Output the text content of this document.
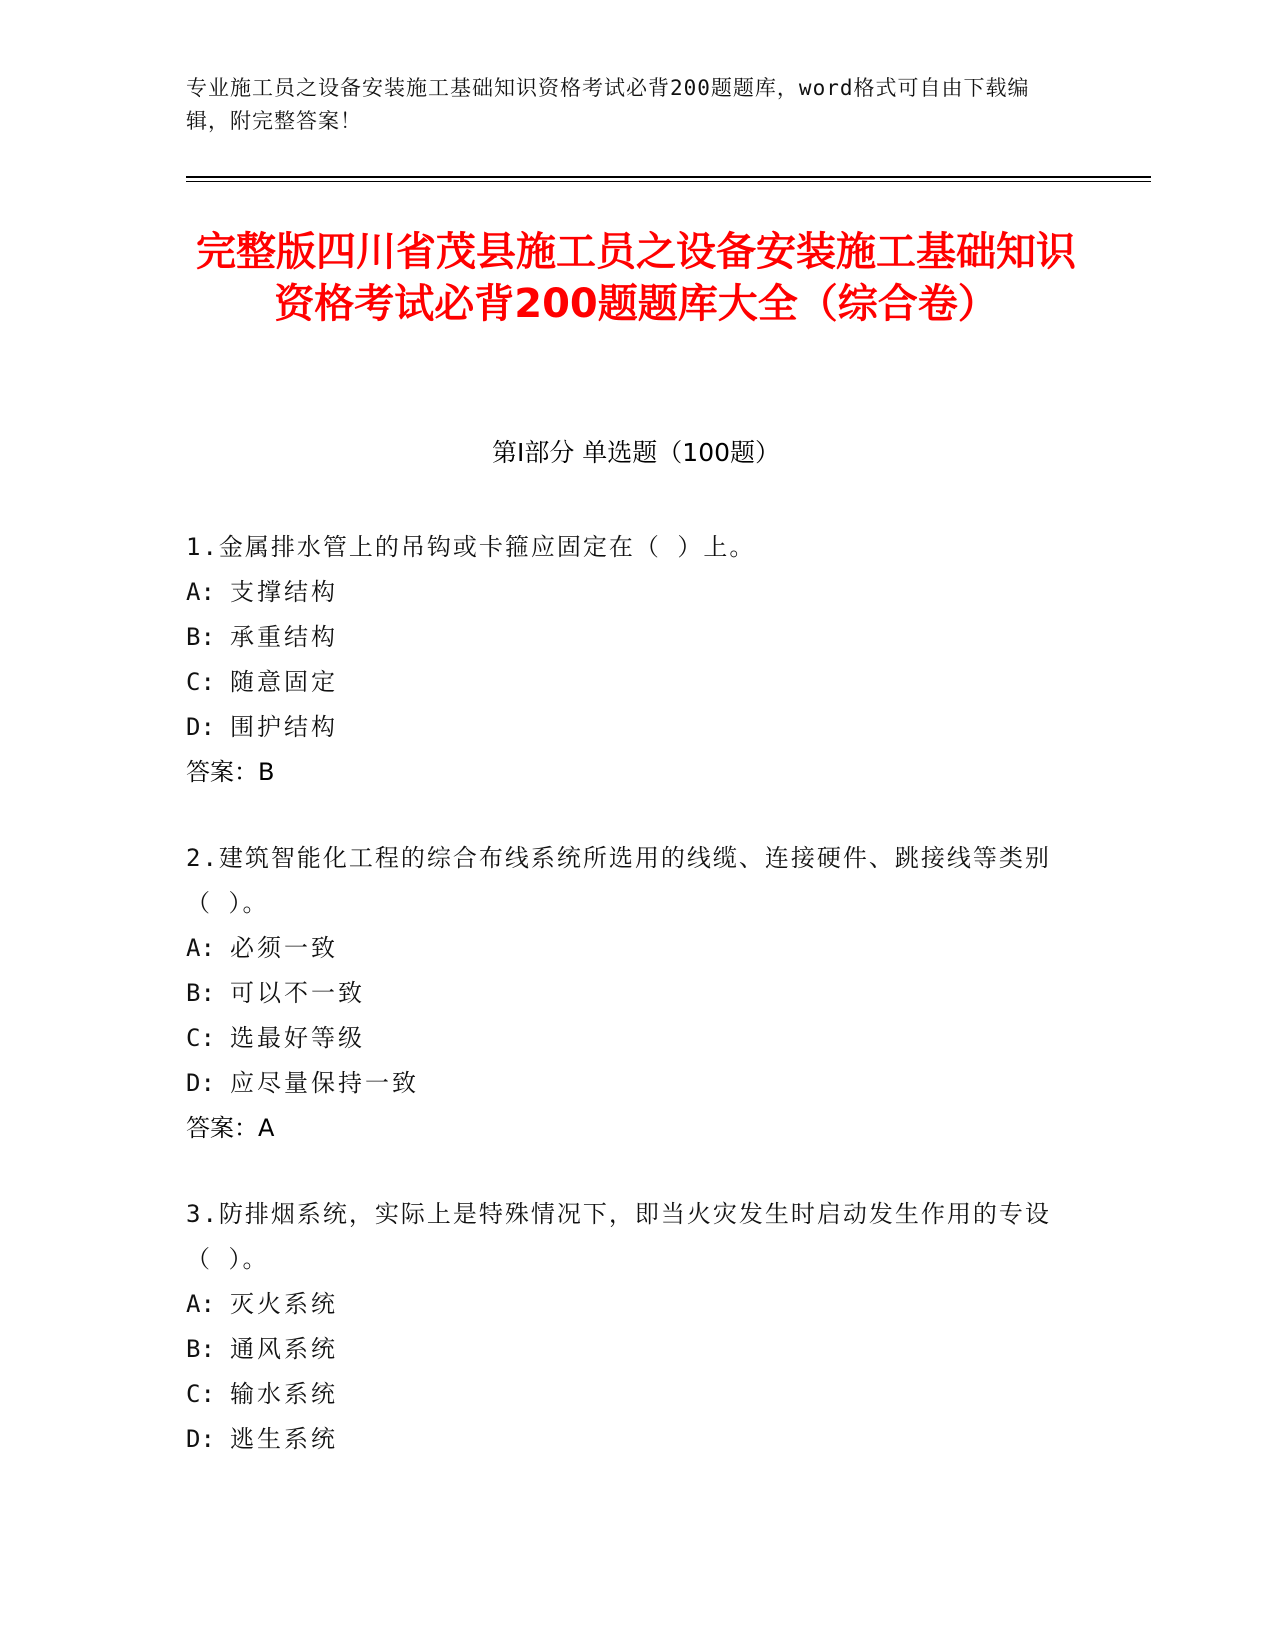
专业施工员之设备安装施工基础知识资格考试必背200题题库，word格式可自由下载编辑，附完整答案！
完整版四川省茂县施工员之设备安装施工基础知识资格考试必背200题题库大全（综合卷）
第Ⅰ部分 单选题（100题）
1.金属排水管上的吊钩或卡箍应固定在（ ）上。
A: 支撑结构
B: 承重结构
C: 随意固定
D: 围护结构
答案：B
2.建筑智能化工程的综合布线系统所选用的线缆、连接硬件、跳接线等类别（ ）。
A: 必须一致
B: 可以不一致
C: 选最好等级
D: 应尽量保持一致
答案：A
3.防排烟系统，实际上是特殊情况下，即当火灾发生时启动发生作用的专设（ ）。
A: 灭火系统
B: 通风系统
C: 输水系统
D: 逃生系统
